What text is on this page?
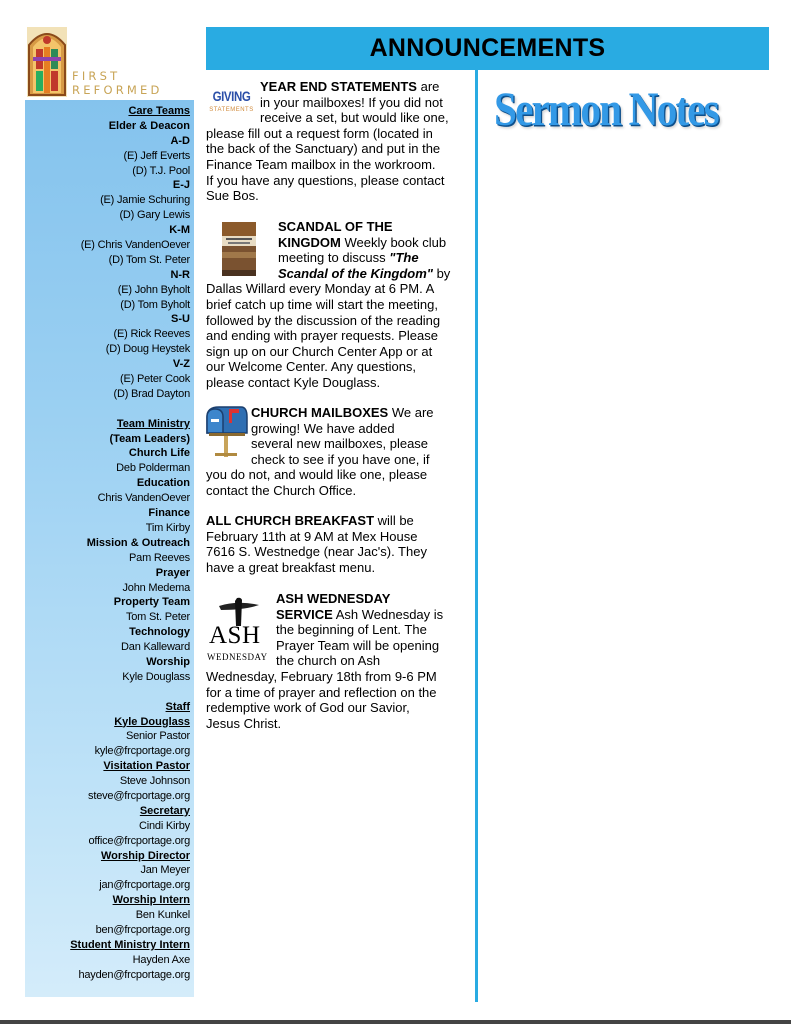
FIRST
REFORMED
Care Teams
Elder & Deacon
A-D
(E) Jeff Everts
(D) T.J. Pool
E-J
(E) Jamie Schuring
(D) Gary Lewis
K-M
(E) Chris VandenOever
(D) Tom St. Peter
N-R
(E) John Byholt
(D) Tom Byholt
S-U
(E) Rick Reeves
(D) Doug Heystek
V-Z
(E) Peter Cook
(D) Brad Dayton
Team Ministry
(Team Leaders)
Church Life
Deb Polderman
Education
Chris VandenOever
Finance
Tim Kirby
Mission & Outreach
Pam Reeves
Prayer
John Medema
Property Team
Tom St. Peter
Technology
Dan Kalleward
Worship
Kyle Douglass
Staff
Kyle Douglass
Senior Pastor
kyle@frcportage.org
Visitation Pastor
Steve Johnson
steve@frcportage.org
Secretary
Cindi Kirby
office@frcportage.org
Worship Director
Jan Meyer
jan@frcportage.org
Worship Intern
Ben Kunkel
ben@frcportage.org
Student Ministry Intern
Hayden Axe
hayden@frcportage.org
ANNOUNCEMENTS
Sermon Notes
GIVING
STATEMENTS
ASH
WEDNESDAY
YEAR END STATEMENTS are
in your mailboxes! If you did not
receive a set, but would like one,
please fill out a request form (located in
the back of the Sanctuary) and put in the
Finance Team mailbox in the workroom.
If you have any questions, please contact
Sue Bos.
SCANDAL OF THE
KINGDOM Weekly book club
meeting to discuss "The
Scandal of the Kingdom" by
Dallas Willard every Monday at 6 PM. A
brief catch up time will start the meeting,
followed by the discussion of the reading
and ending with prayer requests. Please
sign up on our Church Center App or at
our Welcome Center. Any questions,
please contact Kyle Douglass.
CHURCH MAILBOXES We are
growing! We have added
several new mailboxes, please
check to see if you have one, if
you do not, and would like one, please
contact the Church Office.
ALL CHURCH BREAKFAST will be
February 11th at 9 AM at Mex House
7616 S. Westnedge (near Jac's). They
have a great breakfast menu.
ASH WEDNESDAY
SERVICE Ash Wednesday is
the beginning of Lent. The
Prayer Team will be opening
the church on Ash
Wednesday, February 18th from 9-6 PM
for a time of prayer and reflection on the
redemptive work of God our Savior,
Jesus Christ.
